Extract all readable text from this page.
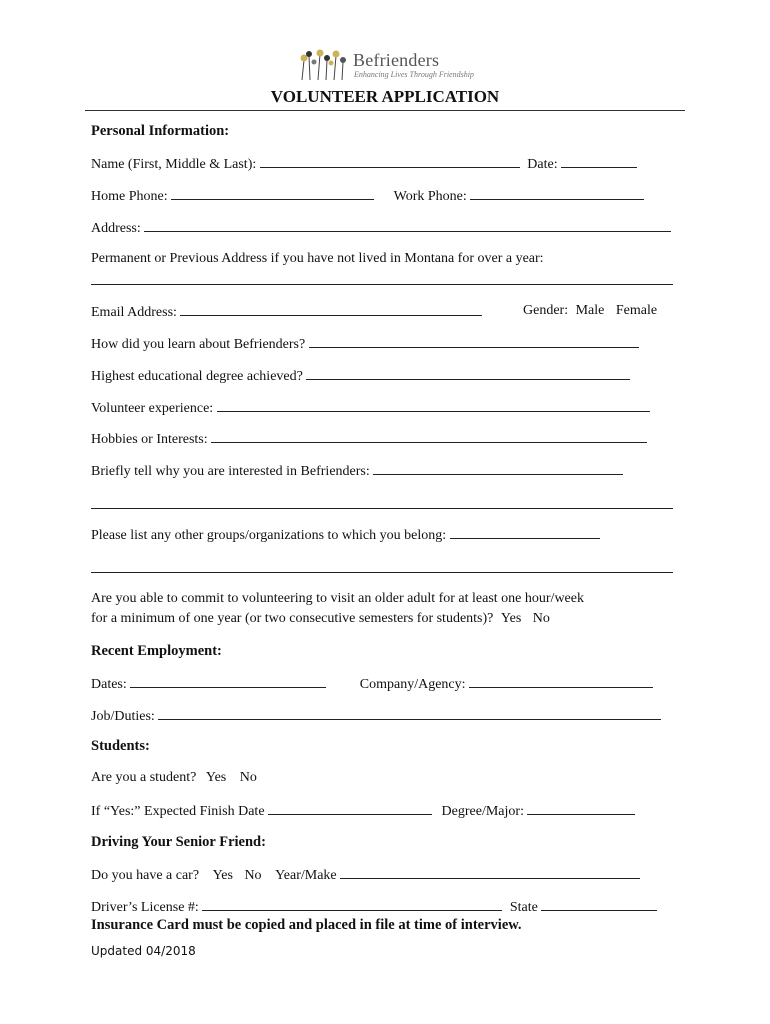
Befrienders
Enhancing Lives Through Friendship
VOLUNTEER APPLICATION
Personal Information:
Name (First, Middle & Last):	Date:
Home Phone:	Work Phone:
Address:
Permanent or Previous Address if you have not lived in Montana for over a year:
Email Address:	Gender: Male Female
How did you learn about Befrienders?
Highest educational degree achieved?
Volunteer experience:
Hobbies or Interests:
Briefly tell why you are interested in Befrienders:
Please list any other groups/organizations to which you belong:
Are you able to commit to volunteering to visit an older adult for at least one hour/week
for a minimum of one year (or two consecutive semesters for students)? Yes No
Recent Employment:
Dates:	Company/Agency:
Job/Duties:
Students:
Are you a student? Yes No
If “Yes:” Expected Finish Date	Degree/Major:
Driving Your Senior Friend:
Do you have a car? Yes No Year/Make
Driver’s License #:	State
Insurance Card must be copied and placed in file at time of interview.
Updated 04/2018
